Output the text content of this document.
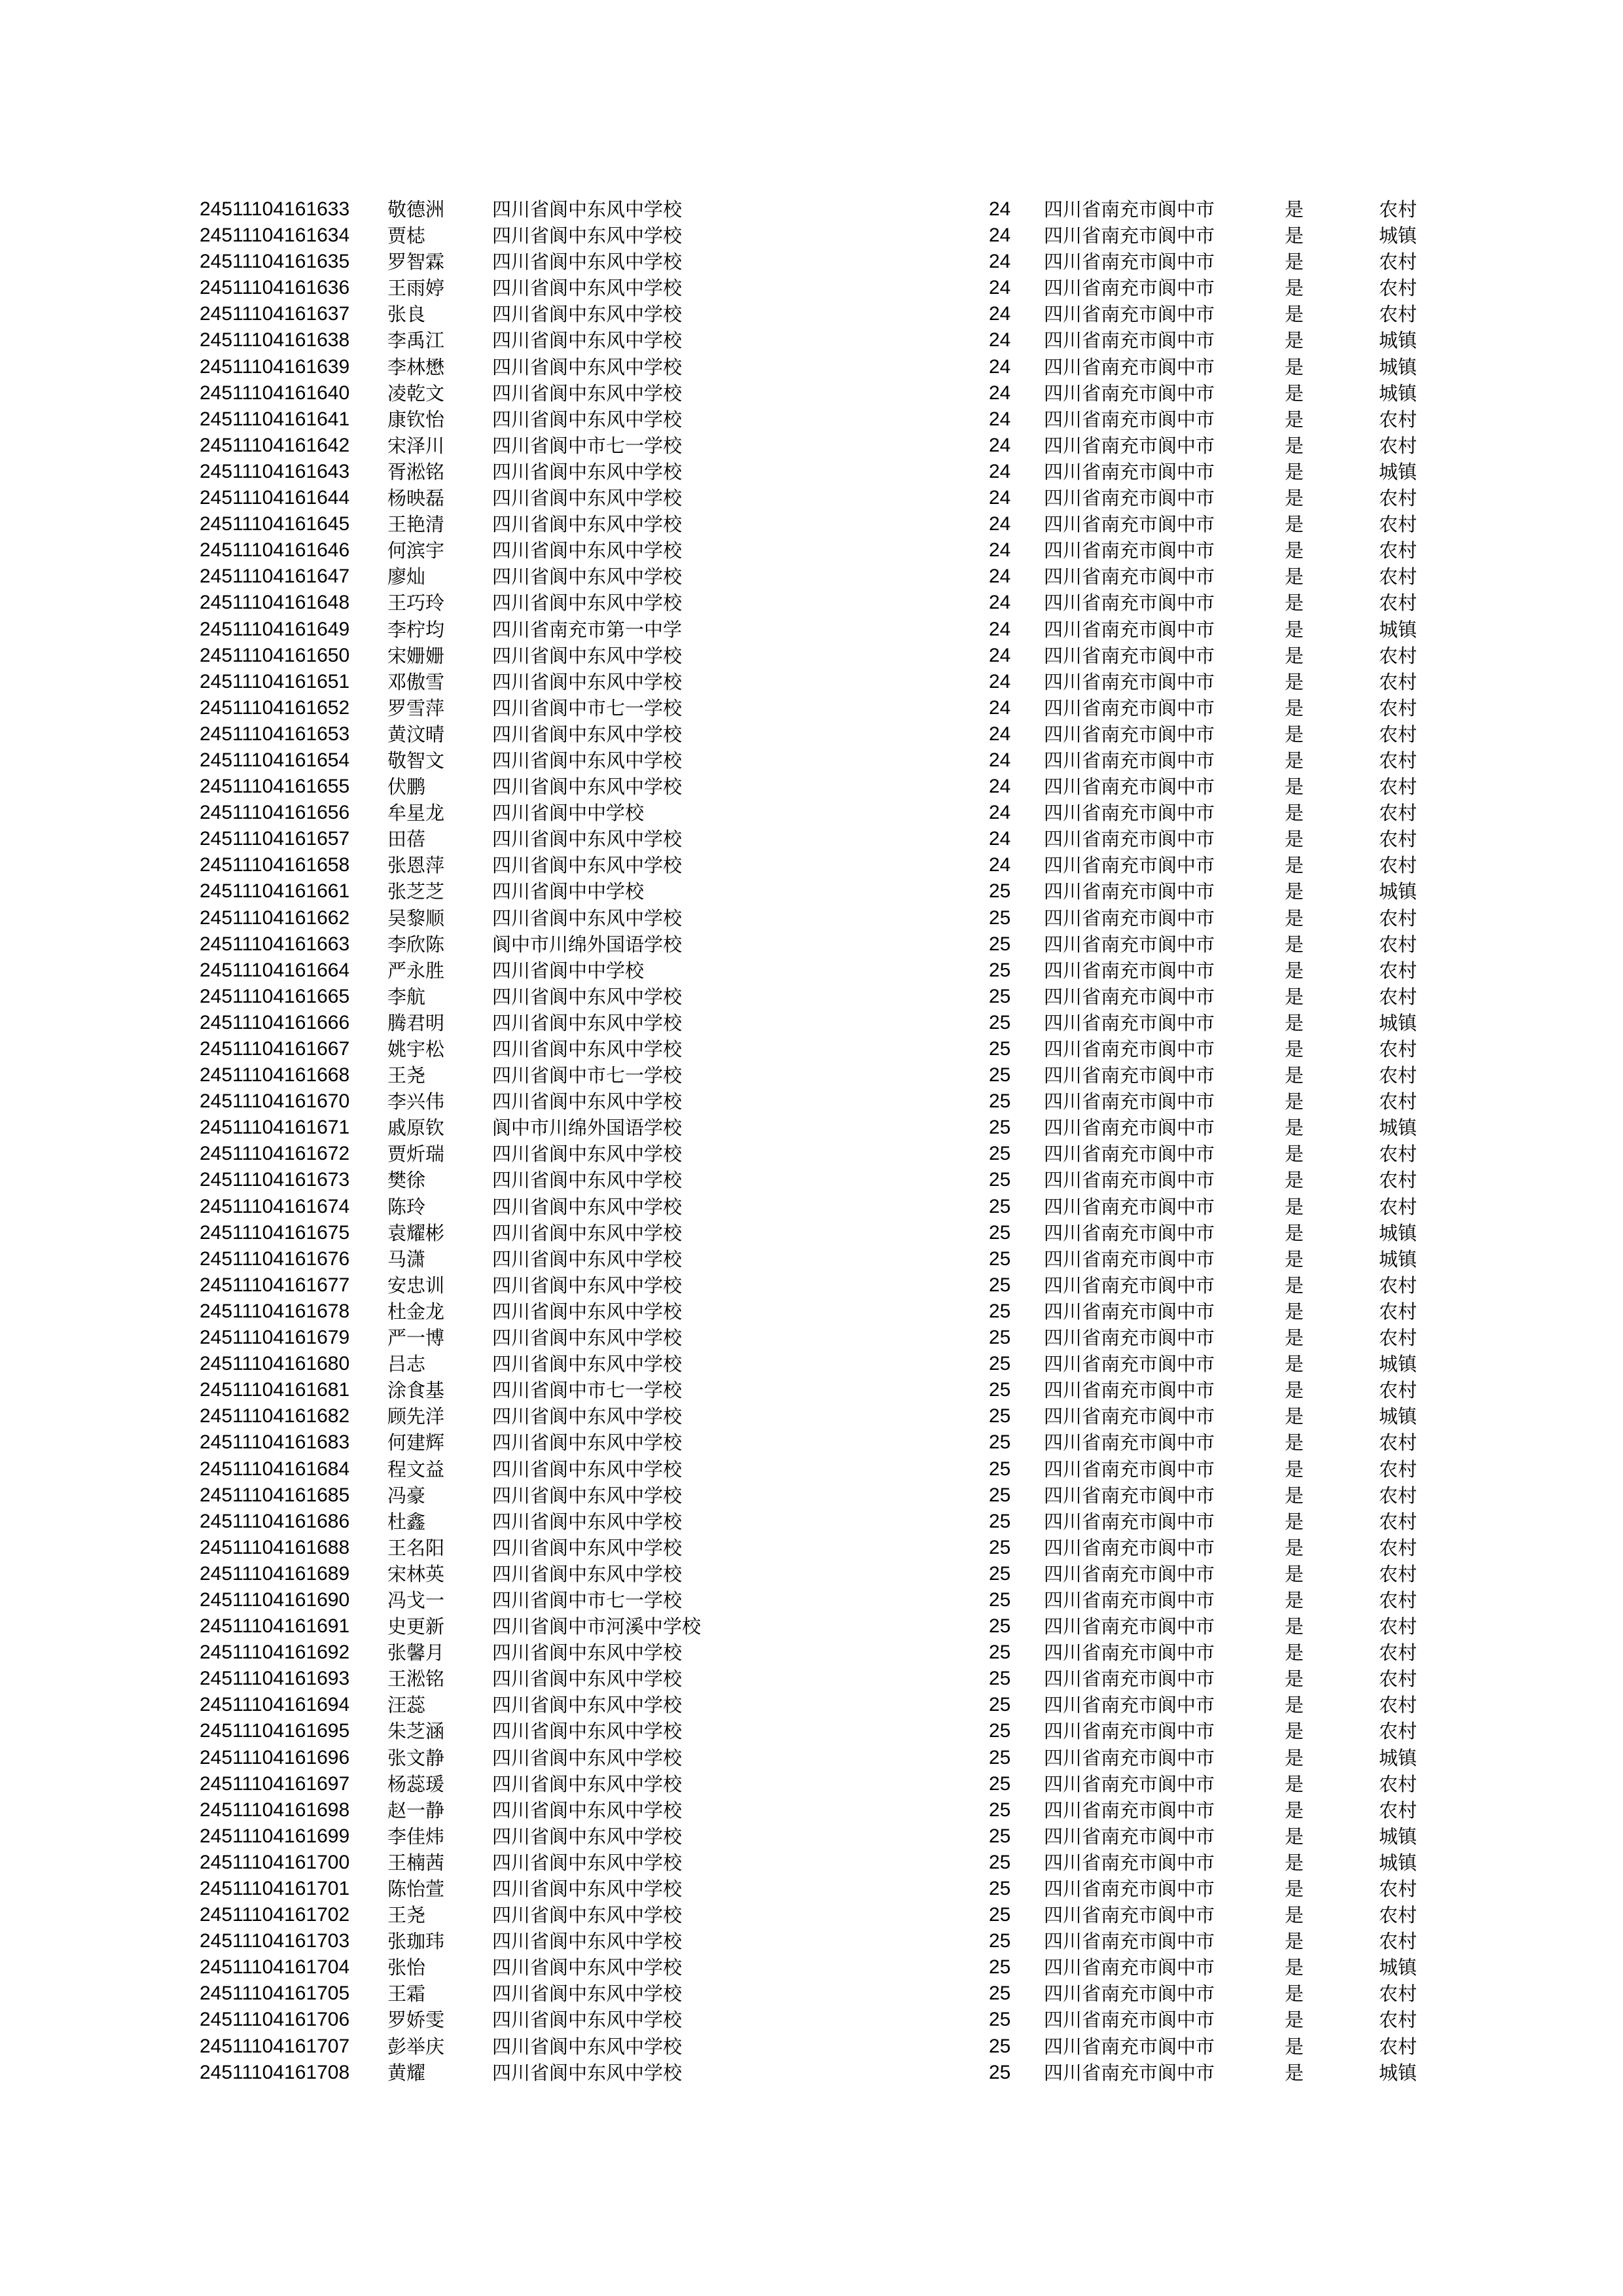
24511104161633 敬德洲	四川省阆中东风中学校	24 四川省南充市阆中市	是	农村
24511104161634 贾梽	四川省阆中东风中学校	24 四川省南充市阆中市	是	城镇
24511104161635 罗智霖	四川省阆中东风中学校	24 四川省南充市阆中市	是	农村
24511104161636 王雨婷	四川省阆中东风中学校	24 四川省南充市阆中市	是	农村
24511104161637 张良	四川省阆中东风中学校	24 四川省南充市阆中市	是	农村
24511104161638 李禹江	四川省阆中东风中学校	24 四川省南充市阆中市	是	城镇
24511104161639 李林懋	四川省阆中东风中学校	24 四川省南充市阆中市	是	城镇
24511104161640 凌乾文	四川省阆中东风中学校	24 四川省南充市阆中市	是	城镇
24511104161641 康钦怡	四川省阆中东风中学校	24 四川省南充市阆中市	是	农村
24511104161642 宋泽川	四川省阆中市七一学校	24 四川省南充市阆中市	是	农村
24511104161643 胥淞铭	四川省阆中东风中学校	24 四川省南充市阆中市	是	城镇
24511104161644 杨映磊	四川省阆中东风中学校	24 四川省南充市阆中市	是	农村
24511104161645 王艳清	四川省阆中东风中学校	24 四川省南充市阆中市	是	农村
24511104161646 何滨宇	四川省阆中东风中学校	24 四川省南充市阆中市	是	农村
24511104161647 廖灿	四川省阆中东风中学校	24 四川省南充市阆中市	是	农村
24511104161648 王巧玲	四川省阆中东风中学校	24 四川省南充市阆中市	是	农村
24511104161649 李柠均	四川省南充市第一中学	24 四川省南充市阆中市	是	城镇
24511104161650 宋姗姗	四川省阆中东风中学校	24 四川省南充市阆中市	是	农村
24511104161651 邓傲雪	四川省阆中东风中学校	24 四川省南充市阆中市	是	农村
24511104161652 罗雪萍	四川省阆中市七一学校	24 四川省南充市阆中市	是	农村
24511104161653 黄汶晴	四川省阆中东风中学校	24 四川省南充市阆中市	是	农村
24511104161654 敬智文	四川省阆中东风中学校	24 四川省南充市阆中市	是	农村
24511104161655 伏鹏	四川省阆中东风中学校	24 四川省南充市阆中市	是	农村
24511104161656 牟星龙	四川省阆中中学校	24 四川省南充市阆中市	是	农村
24511104161657 田蓓	四川省阆中东风中学校	24 四川省南充市阆中市	是	农村
24511104161658 张恩萍	四川省阆中东风中学校	24 四川省南充市阆中市	是	农村
24511104161661 张芝芝	四川省阆中中学校	25 四川省南充市阆中市	是	城镇
24511104161662 吴黎顺	四川省阆中东风中学校	25 四川省南充市阆中市	是	农村
24511104161663 李欣陈	阆中市川绵外国语学校	25 四川省南充市阆中市	是	农村
24511104161664 严永胜	四川省阆中中学校	25 四川省南充市阆中市	是	农村
24511104161665 李航	四川省阆中东风中学校	25 四川省南充市阆中市	是	农村
24511104161666 腾君明	四川省阆中东风中学校	25 四川省南充市阆中市	是	城镇
24511104161667 姚宇松	四川省阆中东风中学校	25 四川省南充市阆中市	是	农村
24511104161668 王尧	四川省阆中市七一学校	25 四川省南充市阆中市	是	农村
24511104161670 李兴伟	四川省阆中东风中学校	25 四川省南充市阆中市	是	农村
24511104161671 戚原钦	阆中市川绵外国语学校	25 四川省南充市阆中市	是	城镇
24511104161672 贾炘瑞	四川省阆中东风中学校	25 四川省南充市阆中市	是	农村
24511104161673 樊徐	四川省阆中东风中学校	25 四川省南充市阆中市	是	农村
24511104161674 陈玲	四川省阆中东风中学校	25 四川省南充市阆中市	是	农村
24511104161675 袁耀彬	四川省阆中东风中学校	25 四川省南充市阆中市	是	城镇
24511104161676 马潇	四川省阆中东风中学校	25 四川省南充市阆中市	是	城镇
24511104161677 安忠训	四川省阆中东风中学校	25 四川省南充市阆中市	是	农村
24511104161678 杜金龙	四川省阆中东风中学校	25 四川省南充市阆中市	是	农村
24511104161679 严一博	四川省阆中东风中学校	25 四川省南充市阆中市	是	农村
24511104161680 吕志	四川省阆中东风中学校	25 四川省南充市阆中市	是	城镇
24511104161681 涂食基	四川省阆中市七一学校	25 四川省南充市阆中市	是	农村
24511104161682 顾先洋	四川省阆中东风中学校	25 四川省南充市阆中市	是	城镇
24511104161683 何建辉	四川省阆中东风中学校	25 四川省南充市阆中市	是	农村
24511104161684 程文益	四川省阆中东风中学校	25 四川省南充市阆中市	是	农村
24511104161685 冯豪	四川省阆中东风中学校	25 四川省南充市阆中市	是	农村
24511104161686 杜鑫	四川省阆中东风中学校	25 四川省南充市阆中市	是	农村
24511104161688 王名阳	四川省阆中东风中学校	25 四川省南充市阆中市	是	农村
24511104161689 宋林英	四川省阆中东风中学校	25 四川省南充市阆中市	是	农村
24511104161690 冯戈一	四川省阆中市七一学校	25 四川省南充市阆中市	是	农村
24511104161691 史更新	四川省阆中市河溪中学校	25 四川省南充市阆中市	是	农村
24511104161692 张馨月	四川省阆中东风中学校	25 四川省南充市阆中市	是	农村
24511104161693 王淞铭	四川省阆中东风中学校	25 四川省南充市阆中市	是	农村
24511104161694 汪蕊	四川省阆中东风中学校	25 四川省南充市阆中市	是	农村
24511104161695 朱芝涵	四川省阆中东风中学校	25 四川省南充市阆中市	是	农村
24511104161696 张文静	四川省阆中东风中学校	25 四川省南充市阆中市	是	城镇
24511104161697 杨蕊瑗	四川省阆中东风中学校	25 四川省南充市阆中市	是	农村
24511104161698 赵一静	四川省阆中东风中学校	25 四川省南充市阆中市	是	农村
24511104161699 李佳炜	四川省阆中东风中学校	25 四川省南充市阆中市	是	城镇
24511104161700 王楠茜	四川省阆中东风中学校	25 四川省南充市阆中市	是	城镇
24511104161701 陈怡萱	四川省阆中东风中学校	25 四川省南充市阆中市	是	农村
24511104161702 王尧	四川省阆中东风中学校	25 四川省南充市阆中市	是	农村
24511104161703 张珈玮	四川省阆中东风中学校	25 四川省南充市阆中市	是	农村
24511104161704 张怡	四川省阆中东风中学校	25 四川省南充市阆中市	是	城镇
24511104161705 王霜	四川省阆中东风中学校	25 四川省南充市阆中市	是	农村
24511104161706 罗娇雯	四川省阆中东风中学校	25 四川省南充市阆中市	是	农村
24511104161707 彭举庆	四川省阆中东风中学校	25 四川省南充市阆中市	是	农村
24511104161708 黄耀	四川省阆中东风中学校	25 四川省南充市阆中市	是	城镇
